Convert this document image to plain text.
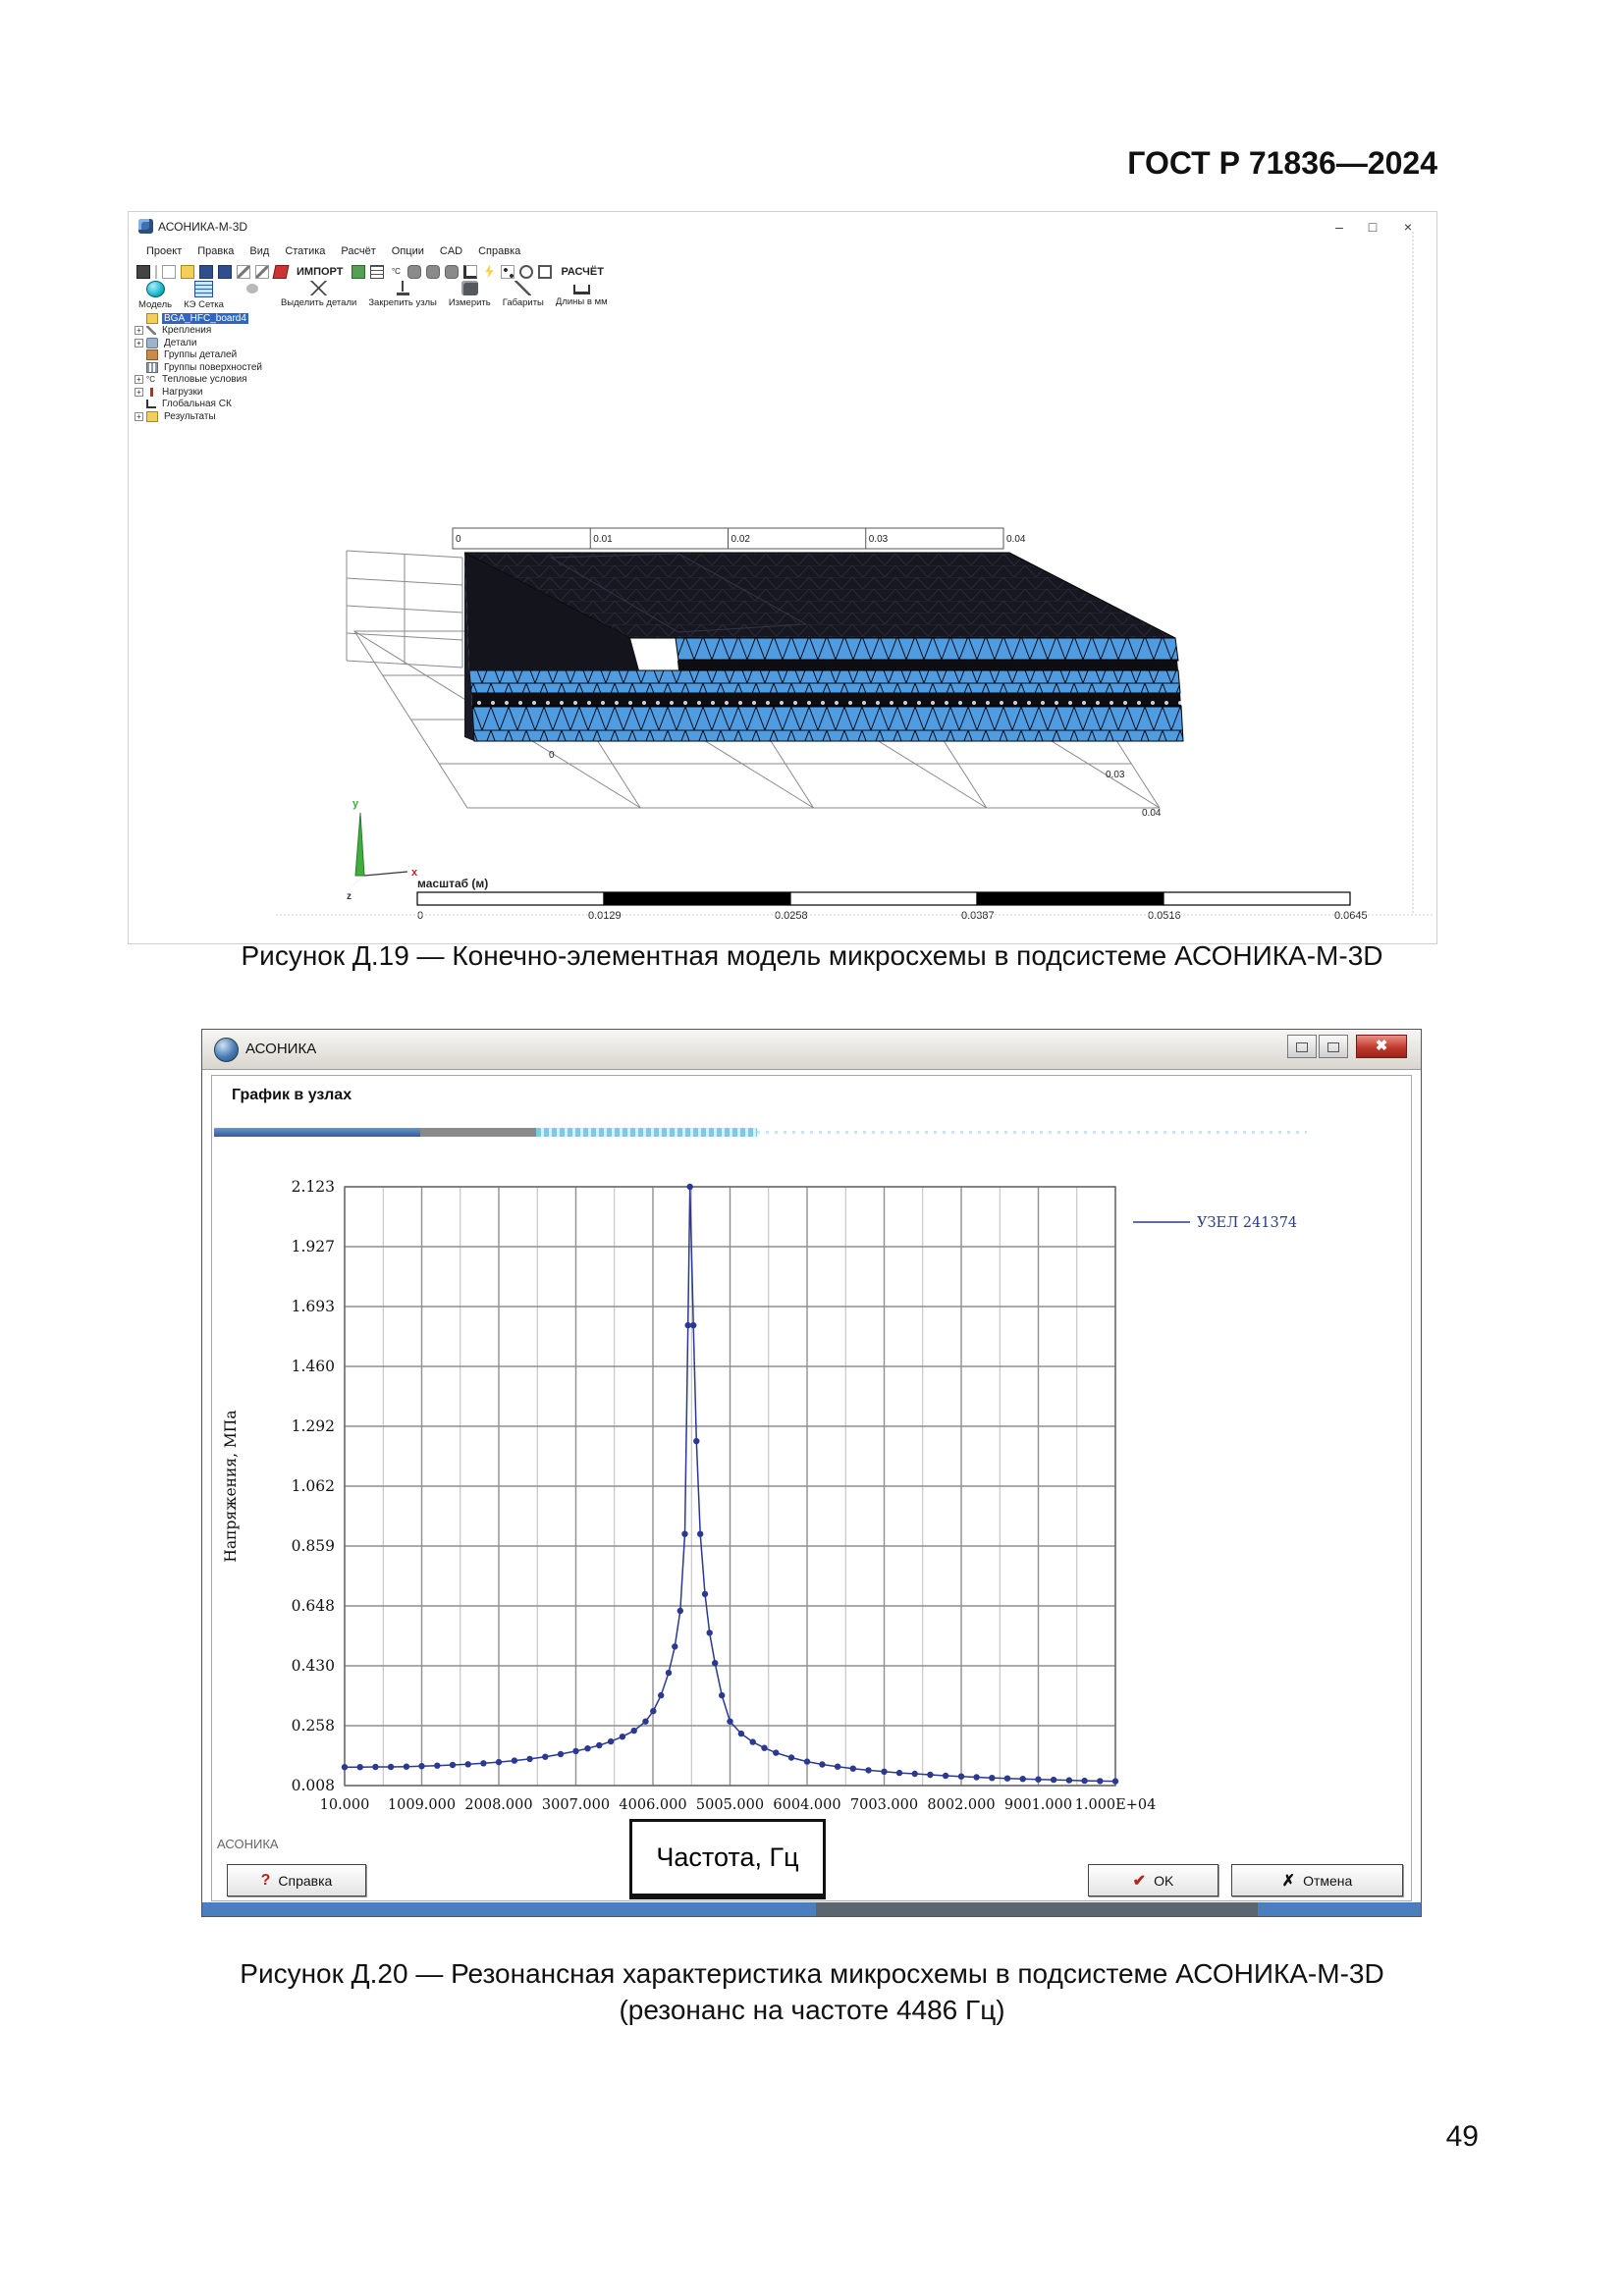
ГОСТ Р 71836—2024
АСОНИКА-М-3D	–	□	×
Проект	Правка	Вид	Статика	Расчёт	Опции	CAD	Справка
ИМПОРТ	°C	РАСЧЁТ
Модель КЭ Сетка	Выделить детали Закрепить узлы Измерить Габариты Длины в мм
BGA_HFC_board4
+ Крепления
+ Детали
Группы деталей
Группы поверхностей
+ °C Тепловые условия
+ Нагрузки
Глобальная СК
+ Результаты
0.03
0.04
0
0	0.01	0.02	0.03	0.04
y
x
z
масштаб (м)
0	0.0129	0.0258	0.0387	0.0516	0.0645
Рисунок Д.19 — Конечно-элементная модель микросхемы в подсистеме АСОНИКА-М-3D
АСОНИКА	✖
График в узлах
2.123
1.927
1.693
1.460
1.292
1.062
0.859
0.648
0.430
0.258
0.008
10.000 1009.000 2008.000 3007.000 4006.000 5005.000 6004.000 7003.000 8002.000 9001.000 1.000E+04
Напряжения, МПа
УЗЕЛ 241374
АСОНИКА	Частота, Гц
? Справка	✔ OK	✗ Отмена
Рисунок Д.20 — Резонансная характеристика микросхемы в подсистеме АСОНИКА-М-3D
(резонанс на частоте 4486 Гц)
49
